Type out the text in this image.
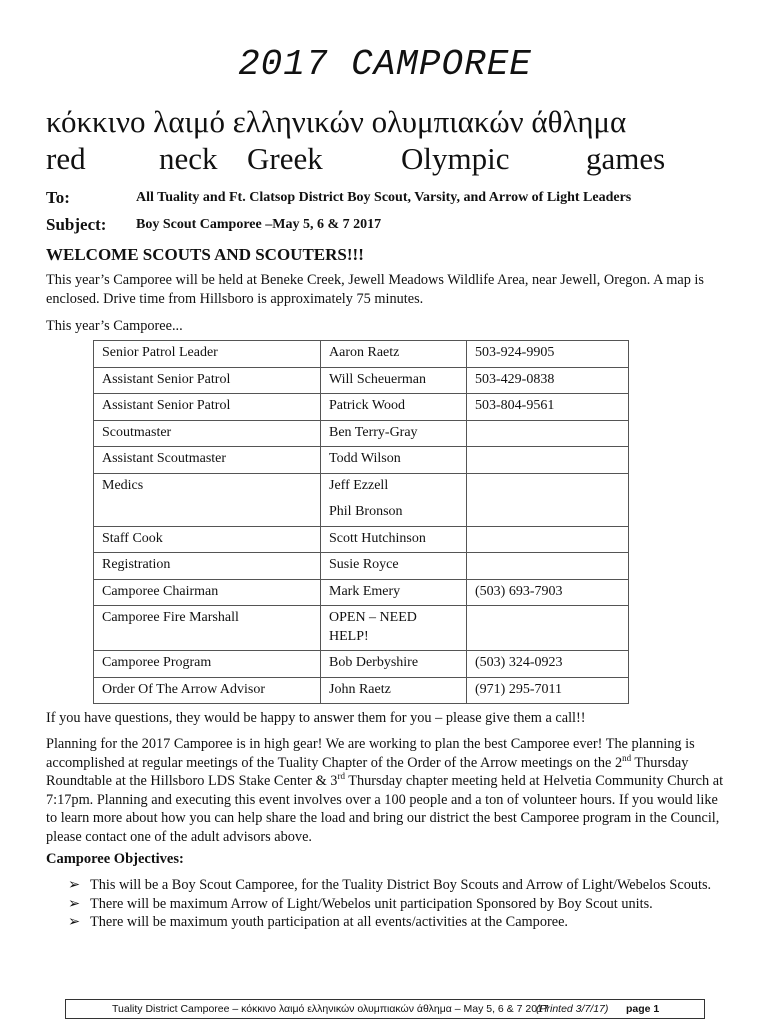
2017 CAMPOREE
κόκκινο λαιμό ελληνικών ολυμπιακών άθλημα
red neck Greek	Olympic games
To:	All Tuality and Ft. Clatsop District Boy Scout, Varsity, and Arrow of Light Leaders
Subject: Boy Scout Camporee –May 5, 6 & 7 2017
WELCOME SCOUTS AND SCOUTERS!!!
This year’s Camporee will be held at Beneke Creek, Jewell Meadows Wildlife Area, near Jewell, Oregon. A map is enclosed. Drive time from Hillsboro is approximately 75 minutes.
This year’s Camporee...
Senior Patrol Leader	Aaron Raetz	503-924-9905
Assistant Senior Patrol	Will Scheuerman	503-429-0838
Assistant Senior Patrol	Patrick Wood	503-804-9561
Scoutmaster	Ben Terry-Gray	
Assistant Scoutmaster	Todd Wilson	
Medics	Jeff Ezzell
Phil Bronson	

Staff Cook	Scott Hutchinson	
Registration	Susie Royce	
Camporee Chairman	Mark Emery	(503) 693-7903
Camporee Fire Marshall	OPEN – NEED
HELP!	

Camporee Program	Bob Derbyshire	(503) 324-0923
Order Of The Arrow Advisor	John Raetz	(971) 295-7011
If you have questions, they would be happy to answer them for you – please give them a call!!
Planning for the 2017 Camporee is in high gear! We are working to plan the best Camporee ever! The planning is accomplished at regular meetings of the Tuality Chapter of the Order of the Arrow meetings on the 2nd Thursday Roundtable at the Hillsboro LDS Stake Center & 3rd Thursday chapter meeting held at Helvetia Community Church at 7:17pm. Planning and executing this event involves over a 100 people and a ton of volunteer hours. If you would like to learn more about how you can help share the load and bring our district the best Camporee program in the Council, please contact one of the adult advisors above.
Camporee Objectives:
➢ This will be a Boy Scout Camporee, for the Tuality District Boy Scouts and Arrow of Light/Webelos Scouts.
➢ There will be maximum Arrow of Light/Webelos unit participation Sponsored by Boy Scout units.
➢ There will be maximum youth participation at all events/activities at the Camporee.
Tuality District Camporee – κόκκινο λαιμό ελληνικών ολυμπιακών άθλημα – May 5, 6 & 7 2017
(Printed 3/7/17) page 1
